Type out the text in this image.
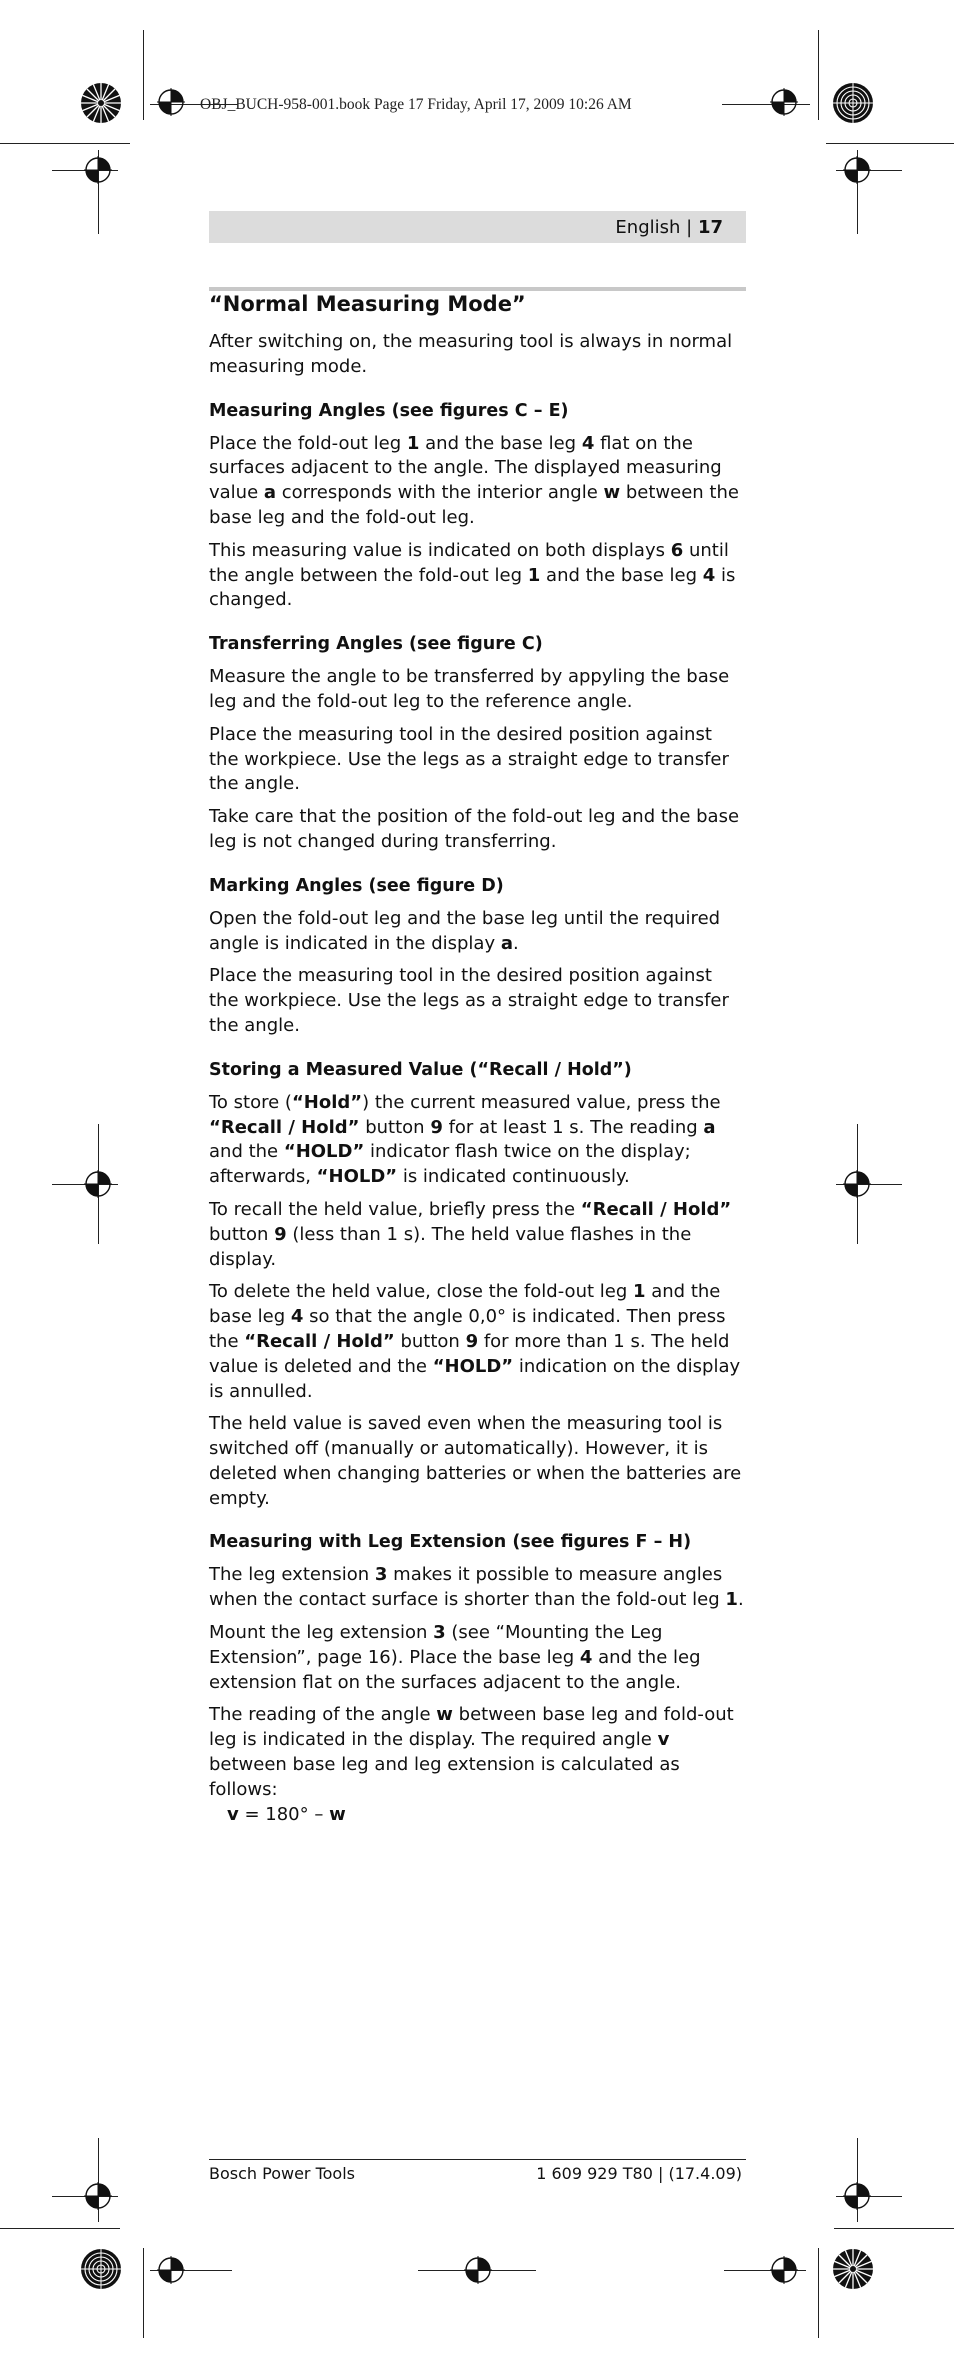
OBJ_BUCH-958-001.book Page 17 Friday, April 17, 2009 10:26 AM
English | 17
“Normal Measuring Mode”

After switching on, the measuring tool is always in normal measuring mode.

Measuring Angles (see figures C – E)

Place the fold-out leg 1 and the base leg 4 flat on the surfaces adjacent to the angle. The displayed measuring value a corresponds with the interior angle w between the base leg and the fold-out leg.

This measuring value is indicated on both displays 6 until the angle between the fold-out leg 1 and the base leg 4 is changed.

Transferring Angles (see figure C)

Measure the angle to be transferred by appyling the base leg and the fold-out leg to the reference angle.

Place the measuring tool in the desired position against the workpiece. Use the legs as a straight edge to transfer the angle.

Take care that the position of the fold-out leg and the base leg is not changed during transferring.

Marking Angles (see figure D)

Open the fold-out leg and the base leg until the required angle is indicated in the display a.

Place the measuring tool in the desired position against the workpiece. Use the legs as a straight edge to transfer the angle.

Storing a Measured Value (“Recall / Hold”)

To store (“Hold”) the current measured value, press the “Recall / Hold” button 9 for at least 1 s. The reading a and the “HOLD” indicator flash twice on the display; afterwards, “HOLD” is indicated continuously.

To recall the held value, briefly press the “Recall / Hold” button 9 (less than 1 s). The held value flashes in the display.

To delete the held value, close the fold-out leg 1 and the base leg 4 so that the angle 0,0° is indicated. Then press the “Recall / Hold” button 9 for more than 1 s. The held value is deleted and the “HOLD” indication on the display is annulled.

The held value is saved even when the measuring tool is switched off (manually or automatically). However, it is deleted when changing batteries or when the batteries are empty.

Measuring with Leg Extension (see figures F – H)

The leg extension 3 makes it possible to measure angles when the contact surface is shorter than the fold-out leg 1.

Mount the leg extension 3 (see “Mounting the Leg Extension”, page 16). Place the base leg 4 and the leg extension flat on the surfaces adjacent to the angle.

The reading of the angle w between base leg and fold-out leg is indicated in the display. The required angle v between base leg and leg extension is calculated as follows:

v = 180° – w

Bosch Power Tools	1 609 929 T80 | (17.4.09)
